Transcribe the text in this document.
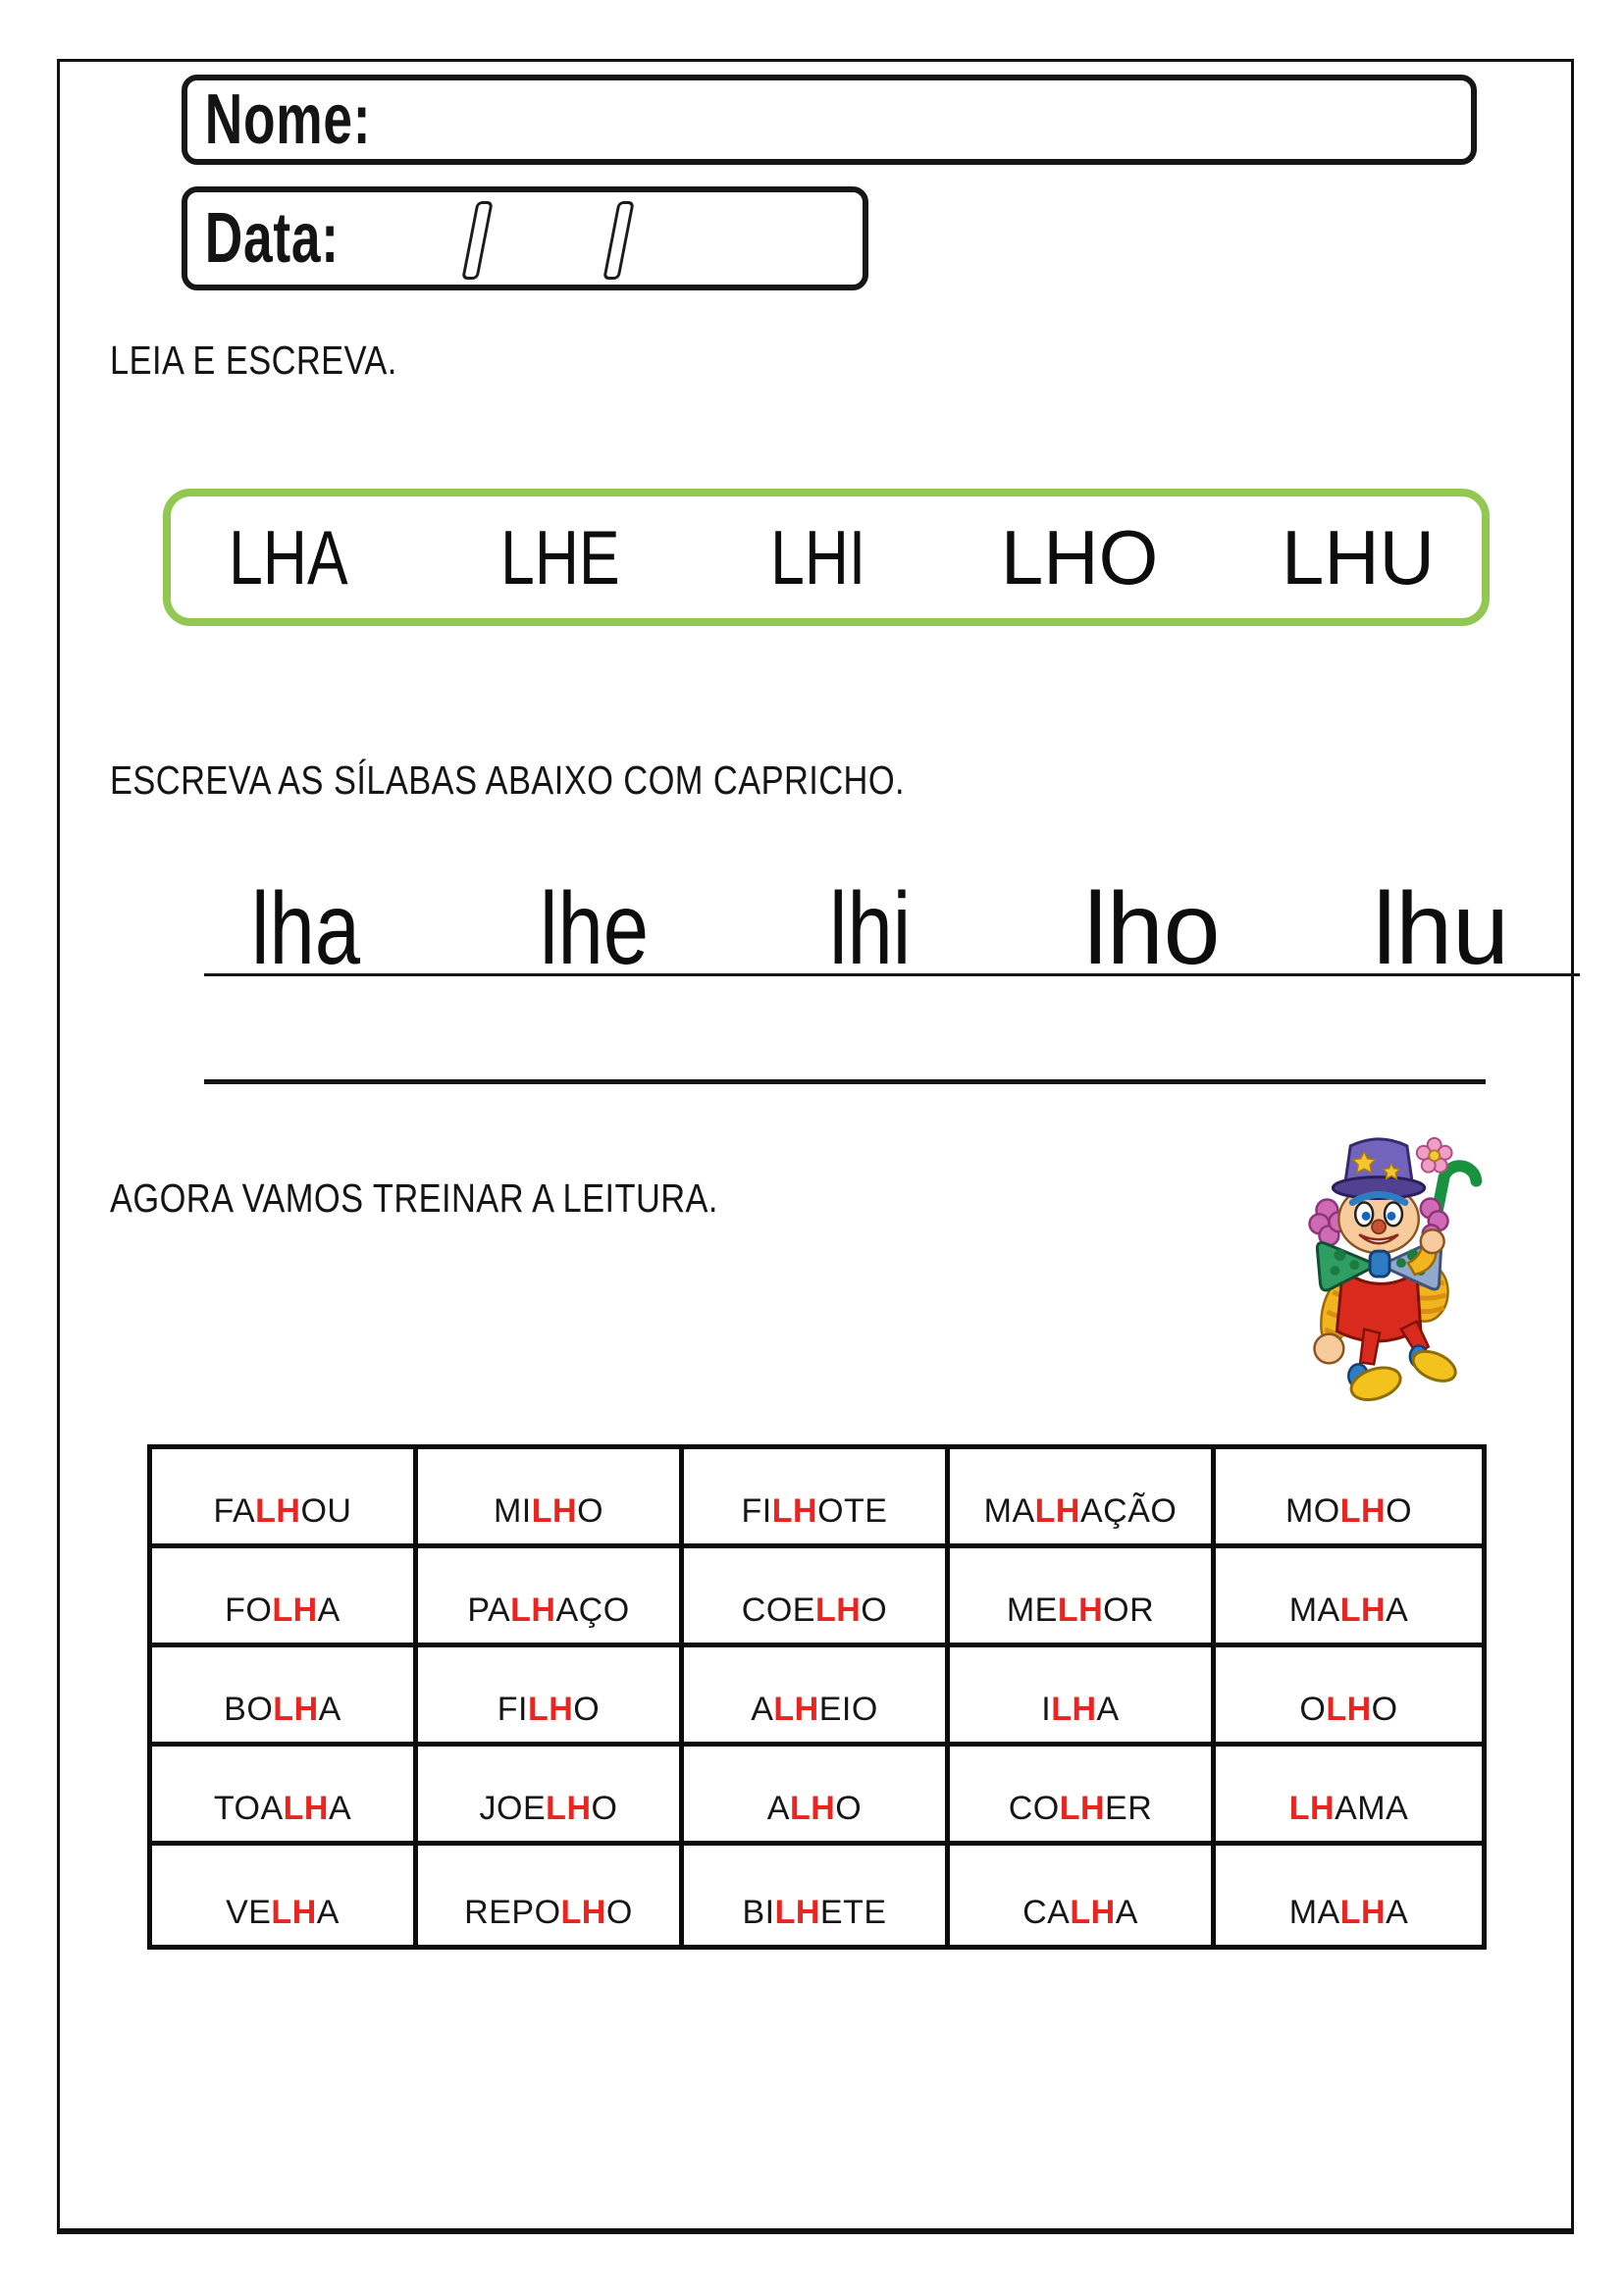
Nome:
Data:
LEIA E ESCREVA.
LHA LHE LHI LHO LHU
ESCREVA AS SÍLABAS ABAIXO COM CAPRICHO.
lha lhe lhi lho lhu
AGORA VAMOS TREINAR A LEITURA.
FA LH OU	MI LH O	FI LH OTE	MA LH AÇÃO	MO LH O
FO LH A	PA LH AÇO	COE LH O	ME LH OR	MA LH A
BO LH A	FI LH O	A LH EIO	I LH A	O LH O
TOA LH A	JOE LH O	A LH O	CO LH ER	LH AMA
VE LH A	REPO LH O	BI LH ETE	CA LH A	MA LH A
